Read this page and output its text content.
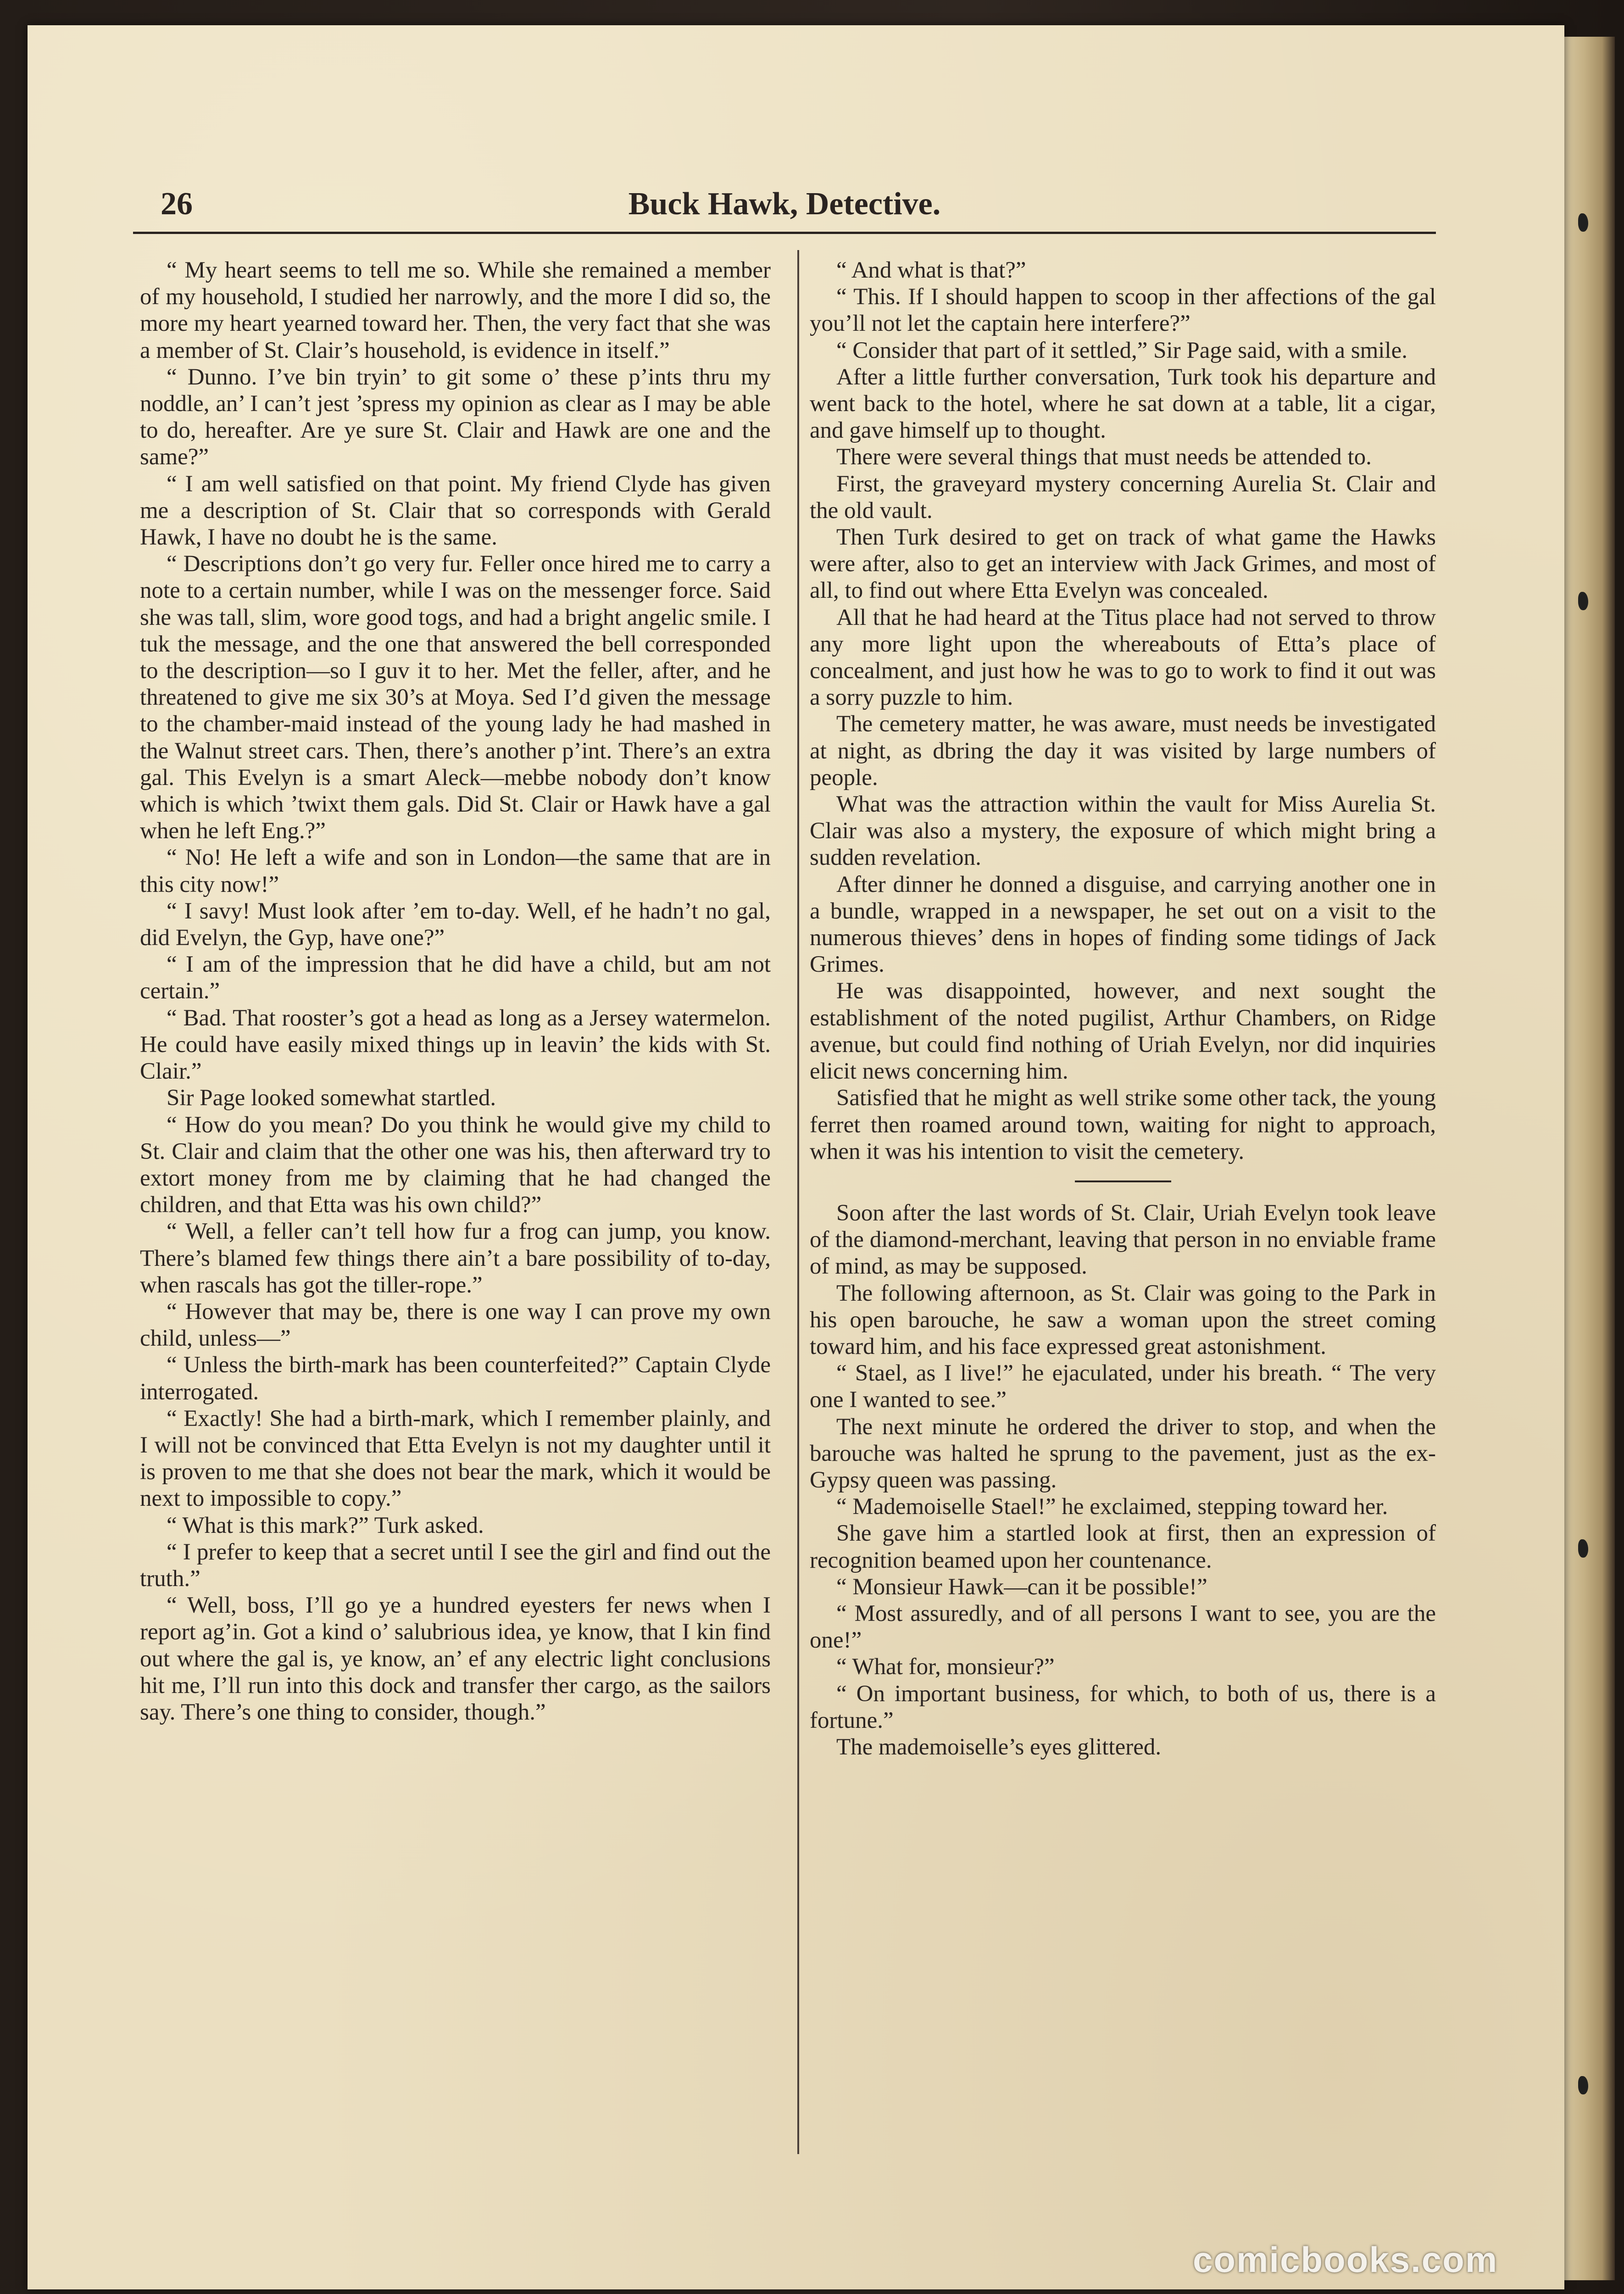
26	Buck Hawk, Detective.

“ My heart seems to tell me so. While she remained a member of my household, I studied her narrowly, and the more I did so, the more my heart yearned toward her. Then, the very fact that she was a member of St. Clair’s household, is evidence in itself.”

“ Dunno. I’ve bin tryin’ to git some o’ these p’ints thru my noddle, an’ I can’t jest ’spress my opinion as clear as I may be able to do, hereafter. Are ye sure St. Clair and Hawk are one and the same?”

“ I am well satisfied on that point. My friend Clyde has given me a description of St. Clair that so corresponds with Gerald Hawk, I have no doubt he is the same.

“ Descriptions don’t go very fur. Feller once hired me to carry a note to a certain number, while I was on the messenger force. Said she was tall, slim, wore good togs, and had a bright angelic smile. I tuk the message, and the one that answered the bell corresponded to the description—so I guv it to her. Met the feller, after, and he threatened to give me six 30’s at Moya. Sed I’d given the message to the chamber-maid instead of the young lady he had mashed in the Walnut street cars. Then, there’s another p’int. There’s an extra gal. This Evelyn is a smart Aleck—mebbe nobody don’t know which is which ’twixt them gals. Did St. Clair or Hawk have a gal when he left Eng.?”

“ No! He left a wife and son in London—the same that are in this city now!”

“ I savy! Must look after ’em to-day. Well, ef he hadn’t no gal, did Evelyn, the Gyp, have one?”

“ I am of the impression that he did have a child, but am not certain.”

“ Bad. That rooster’s got a head as long as a Jersey watermelon. He could have easily mixed things up in leavin’ the kids with St. Clair.”

Sir Page looked somewhat startled.

“ How do you mean? Do you think he would give my child to St. Clair and claim that the other one was his, then afterward try to extort money from me by claiming that he had changed the children, and that Etta was his own child?”

“ Well, a feller can’t tell how fur a frog can jump, you know. There’s blamed few things there ain’t a bare possibility of to-day, when rascals has got the tiller-rope.”

“ However that may be, there is one way I can prove my own child, unless—”

“ Unless the birth-mark has been counterfeited?” Captain Clyde interrogated.

“ Exactly! She had a birth-mark, which I remember plainly, and I will not be convinced that Etta Evelyn is not my daughter until it is proven to me that she does not bear the mark, which it would be next to impossible to copy.”

“ What is this mark?” Turk asked.

“ I prefer to keep that a secret until I see the girl and find out the truth.”

“ Well, boss, I’ll go ye a hundred eyesters fer news when I report ag’in. Got a kind o’ salubrious idea, ye know, that I kin find out where the gal is, ye know, an’ ef any electric light conclusions hit me, I’ll run into this dock and transfer ther cargo, as the sailors say. There’s one thing to consider, though.”

“ And what is that?”

“ This. If I should happen to scoop in ther affections of the gal you’ll not let the captain here interfere?”

“ Consider that part of it settled,” Sir Page said, with a smile.

After a little further conversation, Turk took his departure and went back to the hotel, where he sat down at a table, lit a cigar, and gave himself up to thought.

There were several things that must needs be attended to.

First, the graveyard mystery concerning Aurelia St. Clair and the old vault.

Then Turk desired to get on track of what game the Hawks were after, also to get an interview with Jack Grimes, and most of all, to find out where Etta Evelyn was concealed.

All that he had heard at the Titus place had not served to throw any more light upon the whereabouts of Etta’s place of concealment, and just how he was to go to work to find it out was a sorry puzzle to him.

The cemetery matter, he was aware, must needs be investigated at night, as dbring the day it was visited by large numbers of people.

What was the attraction within the vault for Miss Aurelia St. Clair was also a mystery, the exposure of which might bring a sudden revelation.

After dinner he donned a disguise, and carrying another one in a bundle, wrapped in a newspaper, he set out on a visit to the numerous thieves’ dens in hopes of finding some tidings of Jack Grimes.

He was disappointed, however, and next sought the establishment of the noted pugilist, Arthur Chambers, on Ridge avenue, but could find nothing of Uriah Evelyn, nor did inquiries elicit news concerning him.

Satisfied that he might as well strike some other tack, the young ferret then roamed around town, waiting for night to approach, when it was his intention to visit the cemetery.

Soon after the last words of St. Clair, Uriah Evelyn took leave of the diamond-merchant, leaving that person in no enviable frame of mind, as may be supposed.

The following afternoon, as St. Clair was going to the Park in his open barouche, he saw a woman upon the street coming toward him, and his face expressed great astonishment.

“ Stael, as I live!” he ejaculated, under his breath. “ The very one I wanted to see.”

The next minute he ordered the driver to stop, and when the barouche was halted he sprung to the pavement, just as the ex-Gypsy queen was passing.

“ Mademoiselle Stael!” he exclaimed, stepping toward her.

She gave him a startled look at first, then an expression of recognition beamed upon her countenance.

“ Monsieur Hawk—can it be possible!”

“ Most assuredly, and of all persons I want to see, you are the one!”

“ What for, monsieur?”

“ On important business, for which, to both of us, there is a fortune.”

The mademoiselle’s eyes glittered.

comicbooks.com
